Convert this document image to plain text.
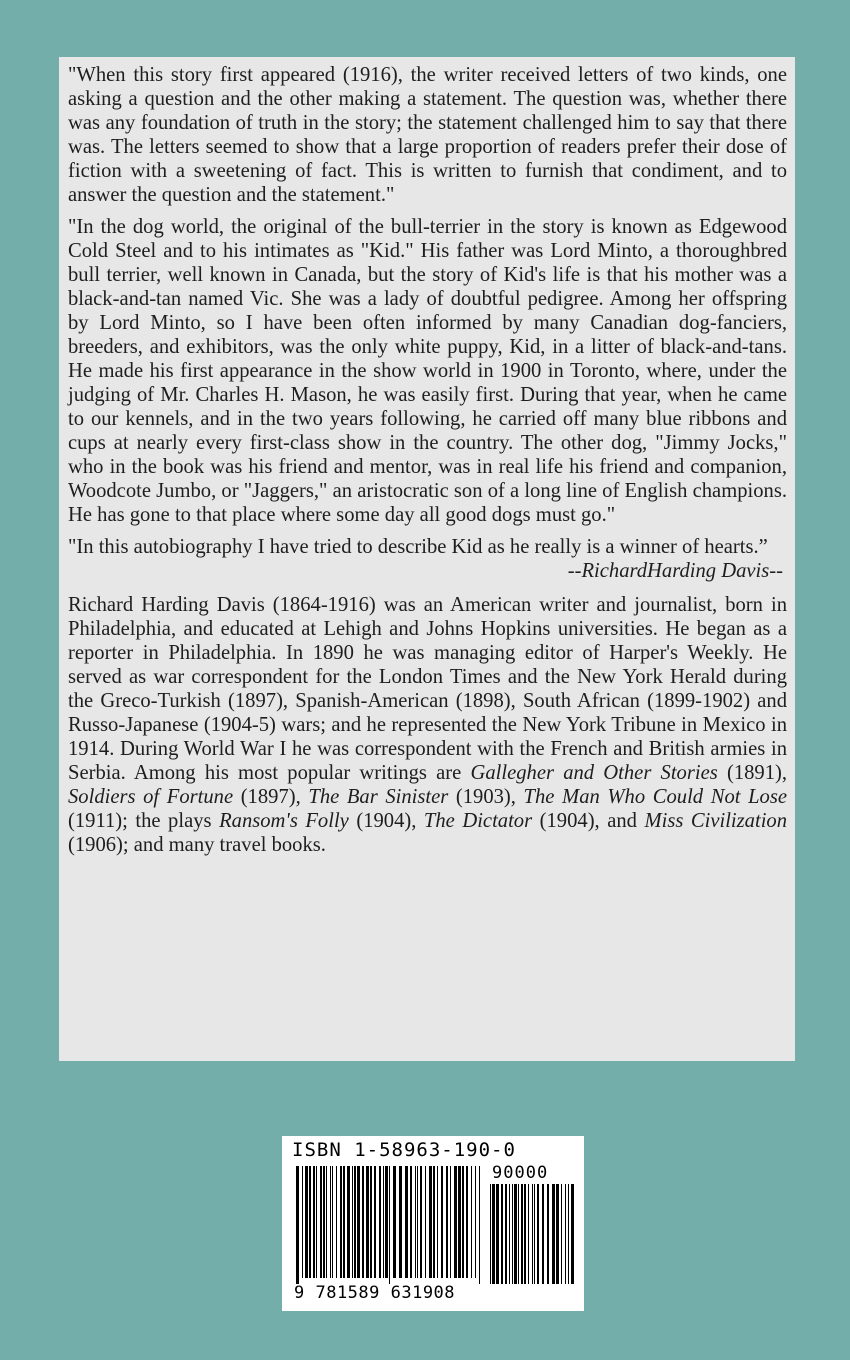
"When this story first appeared (1916), the writer received letters of two kinds, one asking a question and the other making a statement. The question was, whether there was any foundation of truth in the story; the statement challenged him to say that there was. The letters seemed to show that a large proportion of readers prefer their dose of fiction with a sweetening of fact. This is written to furnish that condiment, and to answer the question and the statement."

"In the dog world, the original of the bull-terrier in the story is known as Edgewood Cold Steel and to his intimates as "Kid." His father was Lord Minto, a thoroughbred bull terrier, well known in Canada, but the story of Kid's life is that his mother was a black-and-tan named Vic. She was a lady of doubtful pedigree. Among her offspring by Lord Minto, so I have been often informed by many Canadian dog-fanciers, breeders, and exhibitors, was the only white puppy, Kid, in a litter of black-and-tans. He made his first appearance in the show world in 1900 in Toronto, where, under the judging of Mr. Charles H. Mason, he was easily first. During that year, when he came to our kennels, and in the two years following, he carried off many blue ribbons and cups at nearly every first-class show in the country. The other dog, "Jimmy Jocks," who in the book was his friend and mentor, was in real life his friend and companion, Woodcote Jumbo, or "Jaggers," an aristocratic son of a long line of English champions. He has gone to that place where some day all good dogs must go."

"In this autobiography I have tried to describe Kid as he really is a winner of hearts.”

--RichardHarding Davis--

Richard Harding Davis (1864-1916) was an American writer and journalist, born in Philadelphia, and educated at Lehigh and Johns Hopkins universities. He began as a reporter in Philadelphia. In 1890 he was managing editor of Harper's Weekly. He served as war correspondent for the London Times and the New York Herald during the Greco-Turkish (1897), Spanish-American (1898), South African (1899-1902) and Russo-Japanese (1904-5) wars; and he represented the New York Tribune in Mexico in 1914. During World War I he was correspondent with the French and British armies in Serbia. Among his most popular writings are Gallegher and Other Stories (1891), Soldiers of Fortune (1897), The Bar Sinister (1903), The Man Who Could Not Lose (1911); the plays Ransom's Folly (1904), The Dictator (1904), and Miss Civilization (1906); and many travel books.

ISBN 1-58963-190-0
90000
9 781589 631908
